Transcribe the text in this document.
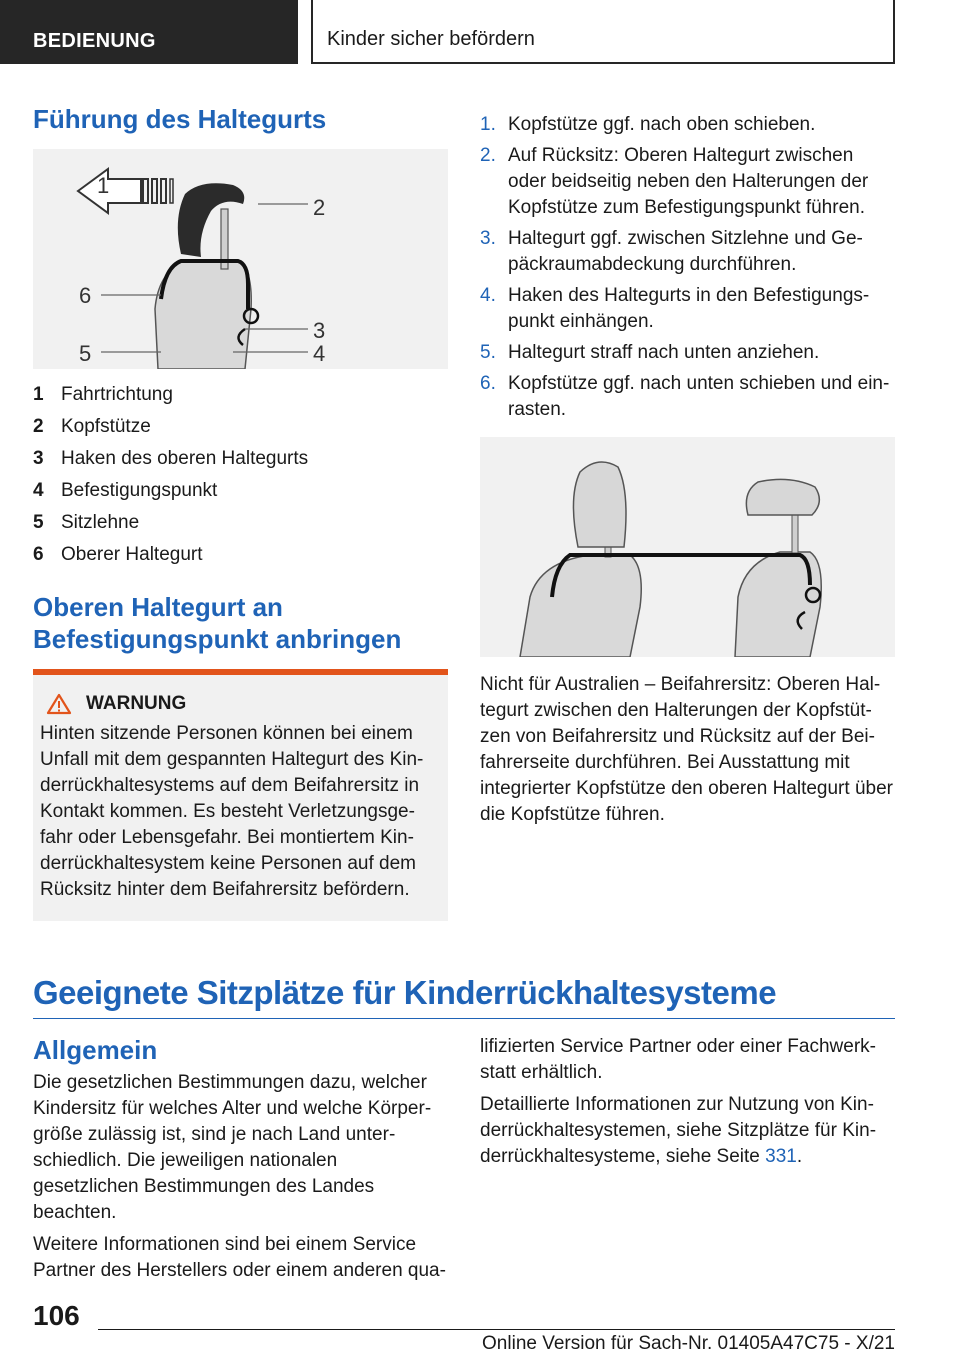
BEDIENUNG	Kinder sicher befördern
Führung des Haltegurts
1
2
6
3
5	4
1 Fahrtrichtung
2 Kopfstütze
3 Haken des oberen Haltegurts
4 Befestigungspunkt
5 Sitzlehne
6 Oberer Haltegurt
Oberen Haltegurt an
Befestigungspunkt anbringen
WARNUNG

Hinten sitzende Personen können bei einem Unfall mit dem gespannten Haltegurt des Kinderrückhaltesystems auf dem Beifahrersitz in Kontakt kommen. Es besteht Verletzungsgefahr oder Lebensgefahr. Bei montiertem Kinderrückhaltesystem keine Personen auf dem Rücksitz hinter dem Beifahrersitz befördern.

1. Kopfstütze ggf. nach oben schieben.
2. Auf Rücksitz: Oberen Haltegurt zwischen oder beidseitig neben den Halterungen der Kopfstütze zum Befestigungspunkt führen.
3. Haltegurt ggf. zwischen Sitzlehne und Gepäckraumabdeckung durchführen.
4. Haken des Haltegurts in den Befestigungspunkt einhängen.
5. Haltegurt straff nach unten anziehen.
6. Kopfstütze ggf. nach unten schieben und einrasten.

Nicht für Australien – Beifahrersitz: Oberen Haltegurt zwischen den Halterungen der Kopfstützen von Beifahrersitz und Rücksitz auf der Beifahrerseite durchführen. Bei Ausstattung mit integrierter Kopfstütze den oberen Haltegurt über die Kopfstütze führen.

Geeignete Sitzplätze für Kinderrückhaltesysteme
Allgemein

Die gesetzlichen Bestimmungen dazu, welcher Kindersitz für welches Alter und welche Körpergröße zulässig ist, sind je nach Land unterschiedlich. Die jeweiligen nationalen gesetzlichen Bestimmungen des Landes beachten.

Weitere Informationen sind bei einem Service Partner des Herstellers oder einem anderen qua-

lifizierten Service Partner oder einer Fachwerkstatt erhältlich.

Detaillierte Informationen zur Nutzung von Kinderrückhaltesystemen, siehe Sitzplätze für Kinderrückhaltesysteme, siehe Seite 331.

106
Online Version für Sach-Nr. 01405A47C75 - X/21
